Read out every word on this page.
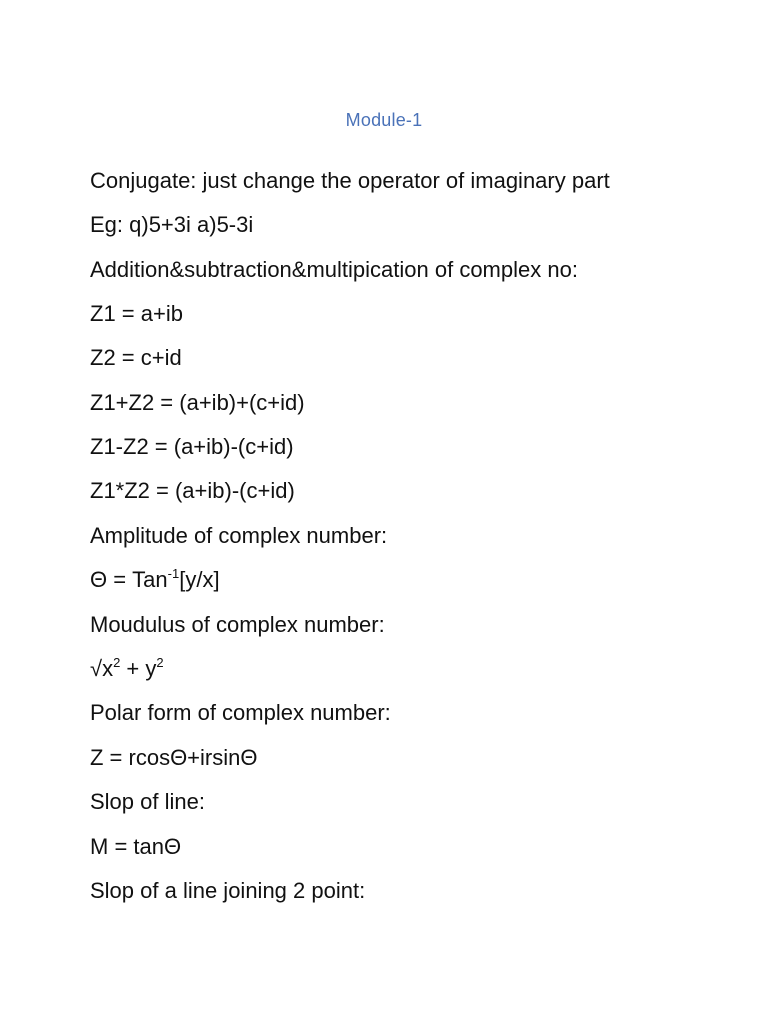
Module-1
Conjugate: just change the operator of imaginary part
Eg: q)5+3i a)5-3i
Addition&subtraction&multipication of complex no:
Z1 = a+ib
Z2 = c+id
Z1+Z2 = (a+ib)+(c+id)
Z1-Z2 = (a+ib)-(c+id)
Z1*Z2 = (a+ib)-(c+id)
Amplitude of complex number:
Θ = Tan$^{-1}$[y/x]
Moudulus of complex number:
$√x^2 + y^2$
Polar form of complex number:
Z = rcosΘ+irsinΘ
Slop of line:
M = tanΘ
Slop of a line joining 2 point:
